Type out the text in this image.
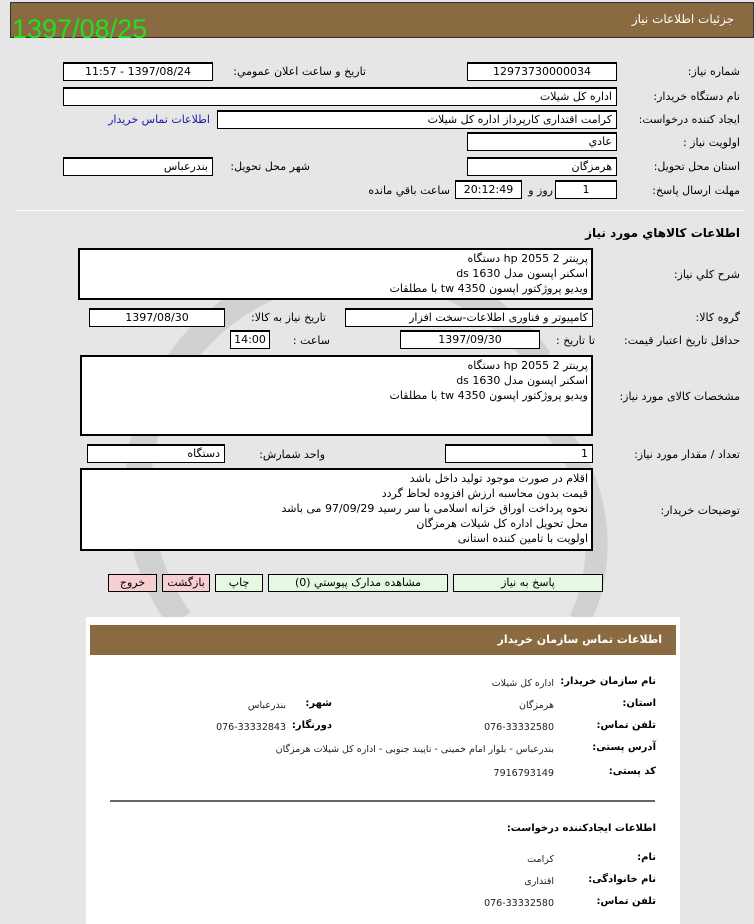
جزئیات اطلاعات نیاز
1397/08/25
شماره نیاز:
12973730000034
تاریخ و ساعت اعلان عمومي:
1397/08/24 - 11:57
نام دستگاه خریدار:
اداره کل شیلات
ایجاد کننده درخواست:
کرامت اقتداری کارپرداز اداره کل شیلات
اطلاعات تماس خریدار
اولویت نیاز :
عادي
استان محل تحویل:
هرمزگان
شهر محل تحویل:
بندرعباس
مهلت ارسال پاسخ:
1
روز و
20:12:49
ساعت باقي مانده
اطلاعات کالاهاي مورد نیاز
شرح کلي نیاز:
پرینتر 2 hp 2055 دستگاه
اسکنر اپسون مدل ds 1630
ویدیو پروژکتور اپسون tw 4350 با مطلقات
گروه کالا:
کامپیوتر و فناوری اطلاعات-سخت افزار
تاریخ نیاز به کالا:
1397/08/30
حداقل تاریخ اعتبار قیمت:
تا تاریخ :
1397/09/30
ساعت :
14:00
مشخصات کالای مورد نیاز:
پرینتر 2 hp 2055 دستگاه
اسکنر اپسون مدل ds 1630
ویدیو پروژکتور اپسون tw 4350 با مطلقات
تعداد / مقدار مورد نیاز:
1
واحد شمارش:
دستگاه
توضیحات خریدار:
اقلام در صورت موجود تولید داخل باشد
قیمت بدون محاسبه ارزش افزوده لحاظ گردد
نحوه پرداخت اوراق خزانه اسلامی با سر رسید 97/09/29 می باشد
محل تحویل اداره کل شیلات هرمزگان
اولویت با تامین کننده استانی
پاسخ به نیاز
مشاهده مدارک پیوستي (0)
چاپ
بازگشت
خروج
اطلاعات تماس سازمان خریدار
نام سازمان خریدار:
اداره کل شیلات
استان:
هرمزگان
شهر:
بندرعباس
تلفن تماس:
076-33332580
دورنگار:
076-33332843
آدرس پستی:
بندرعباس - بلوار امام خمینی - ناپیند جنوبی - اداره کل شیلات هرمزگان
کد پستی:
7916793149
اطلاعات ایجادکننده درخواست:
نام:
کرامت
نام خانوادگی:
اقتداری
تلفن تماس:
076-33332580
